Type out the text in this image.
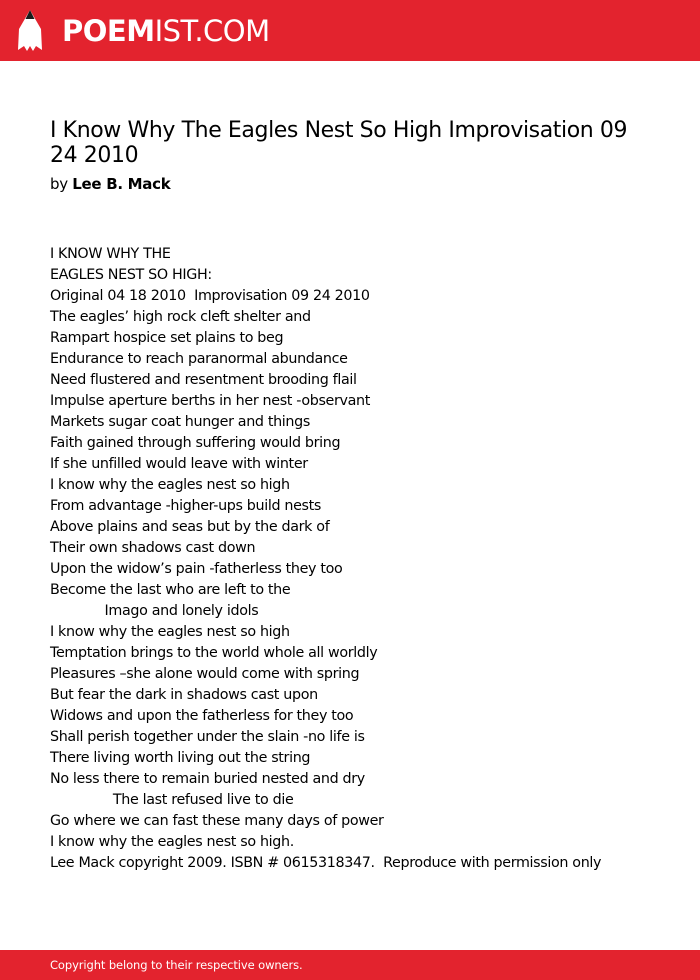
POEMIST.COM
I Know Why The Eagles Nest So High Improvisation 09 24 2010
by Lee B. Mack
I KNOW WHY THE
EAGLES NEST SO HIGH:
Original 04 18 2010  Improvisation 09 24 2010
The eagles’ high rock cleft shelter and
Rampart hospice set plains to beg
Endurance to reach paranormal abundance
Need flustered and resentment brooding flail
Impulse aperture berths in her nest -observant
Markets sugar coat hunger and things
Faith gained through suffering would bring
If she unfilled would leave with winter
I know why the eagles nest so high
From advantage -higher-ups build nests
Above plains and seas but by the dark of
Their own shadows cast down
Upon the widow’s pain -fatherless they too
Become the last who are left to the
Imago and lonely idols
I know why the eagles nest so high
Temptation brings to the world whole all worldly
Pleasures –she alone would come with spring
But fear the dark in shadows cast upon
Widows and upon the fatherless for they too
Shall perish together under the slain -no life is
There living worth living out the string
No less there to remain buried nested and dry
The last refused live to die
Go where we can fast these many days of power
I know why the eagles nest so high.
Lee Mack copyright 2009. ISBN # 0615318347.  Reproduce with permission only
Copyright belong to their respective owners.
